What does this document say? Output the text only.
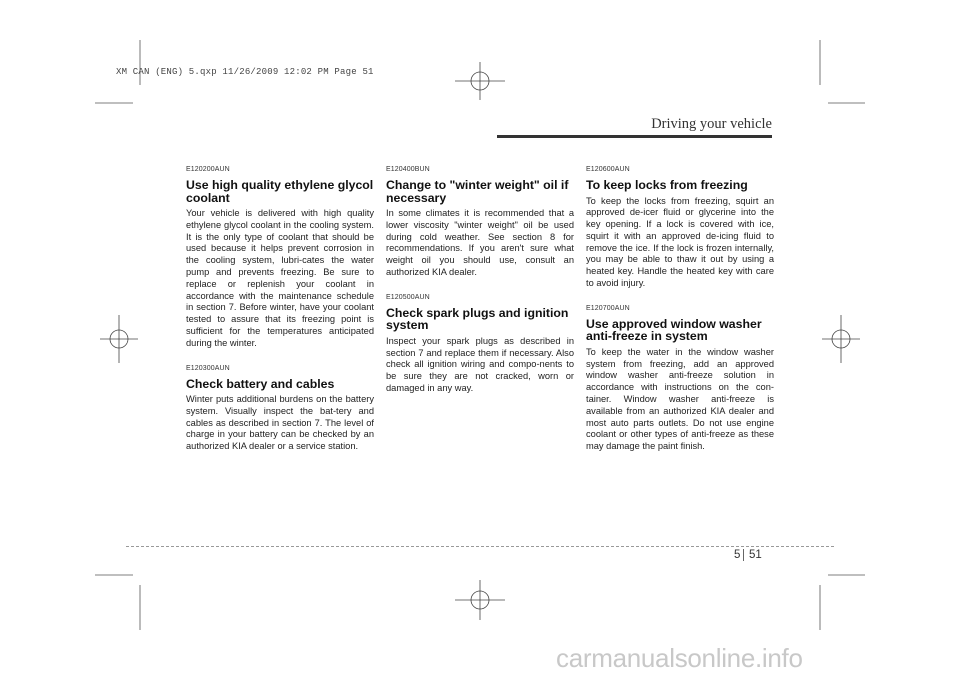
XM CAN (ENG) 5.qxp 11/26/2009 12:02 PM Page 51
Driving your vehicle

E120200AUN

Use high quality ethylene glycol coolant

Your vehicle is delivered with high quality ethylene glycol coolant in the cooling system. It is the only type of coolant that should be used because it helps prevent corrosion in the cooling system, lubri-cates the water pump and prevents freezing. Be sure to replace or replenish your coolant in accordance with the maintenance schedule in section 7. Before winter, have your coolant tested to assure that its freezing point is sufficient for the temperatures anticipated during the winter.

E120300AUN

Check battery and cables

Winter puts additional burdens on the battery system. Visually inspect the bat-tery and cables as described in section 7. The level of charge in your battery can be checked by an authorized KIA dealer or a service station.

E120400BUN

Change to "winter weight" oil if necessary

In some climates it is recommended that a lower viscosity "winter weight" oil be used during cold weather. See section 8 for recommendations. If you aren't sure what weight oil you should use, consult an authorized KIA dealer.

E120500AUN

Check spark plugs and ignition system

Inspect your spark plugs as described in section 7 and replace them if necessary. Also check all ignition wiring and compo-nents to be sure they are not cracked, worn or damaged in any way.

E120600AUN

To keep locks from freezing

To keep the locks from freezing, squirt an approved de-icer fluid or glycerine into the key opening. If a lock is covered with ice, squirt it with an approved de-icing fluid to remove the ice. If the lock is frozen internally, you may be able to thaw it out by using a heated key. Handle the heated key with care to avoid injury.

E120700AUN

Use approved window washer anti-freeze in system

To keep the water in the window washer system from freezing, add an approved window washer anti-freeze solution in accordance with instructions on the con-tainer. Window washer anti-freeze is available from an authorized KIA dealer and most auto parts outlets. Do not use engine coolant or other types of anti-freeze as these may damage the paint finish.

5 51
carmanualsonline.info
